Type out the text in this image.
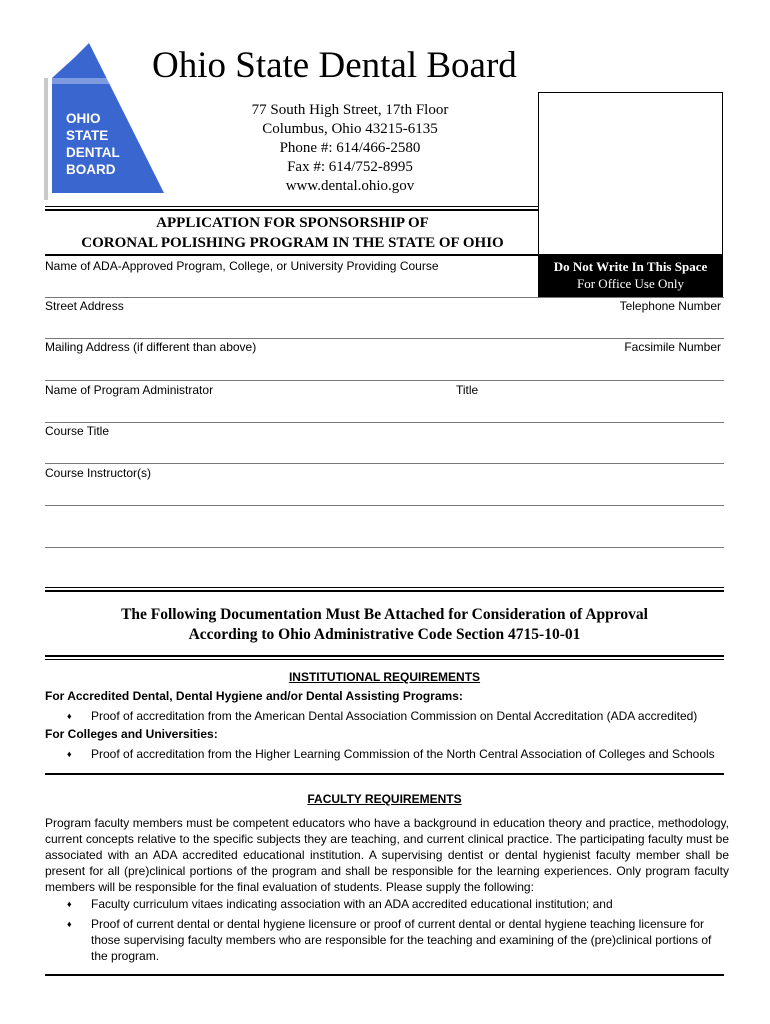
OHIO
STATE
DENTAL
BOARD
Ohio State Dental Board
77 South High Street, 17th Floor
Columbus, Ohio 43215-6135
Phone #: 614/466-2580
Fax #: 614/752-8995
www.dental.ohio.gov
Do Not Write In This Space
For Office Use Only
APPLICATION FOR SPONSORSHIP OF
CORONAL POLISHING PROGRAM IN THE STATE OF OHIO
Name of ADA-Approved Program, College, or University Providing Course
Street Address	Telephone Number
Mailing Address (if different than above)	Facsimile Number
Name of Program Administrator	Title
Course Title
Course Instructor(s)
The Following Documentation Must Be Attached for Consideration of Approval
According to Ohio Administrative Code Section 4715-10-01
INSTITUTIONAL REQUIREMENTS
For Accredited Dental, Dental Hygiene and/or Dental Assisting Programs:
♦ Proof of accreditation from the American Dental Association Commission on Dental Accreditation (ADA accredited)
For Colleges and Universities:
♦ Proof of accreditation from the Higher Learning Commission of the North Central Association of Colleges and Schools
FACULTY REQUIREMENTS
Program faculty members must be competent educators who have a background in education theory and practice, methodology, current concepts relative to the specific subjects they are teaching, and current clinical practice. The participating faculty must be associated with an ADA accredited educational institution. A supervising dentist or dental hygienist faculty member shall be present for all (pre)clinical portions of the program and shall be responsible for the learning experiences. Only program faculty members will be responsible for the final evaluation of students. Please supply the following:
♦ Faculty curriculum vitaes indicating association with an ADA accredited educational institution; and
♦ Proof of current dental or dental hygiene licensure or proof of current dental or dental hygiene teaching licensure for those supervising faculty members who are responsible for the teaching and examining of the (pre)clinical portions of the program.
